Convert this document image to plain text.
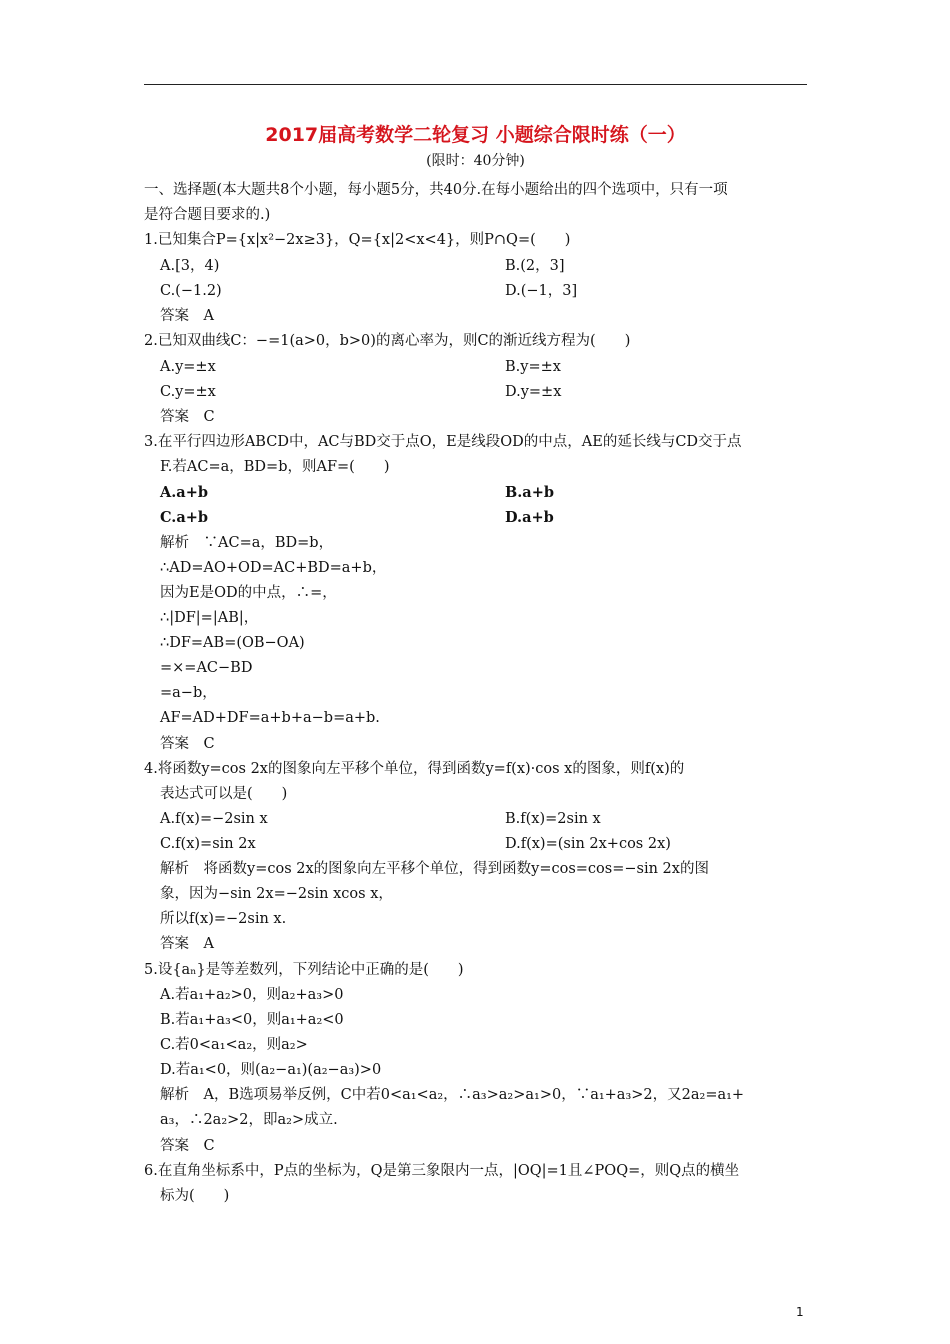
2017届高考数学二轮复习 小题综合限时练（一）
(限时：40分钟)
一、选择题(本大题共8个小题，每小题5分，共40分.在每小题给出的四个选项中，只有一项
是符合题目要求的.)
1.已知集合P={x|x²−2x≥3}，Q={x|2<x<4}，则P∩Q=(　　)
A.[3，4)	B.(2，3]
C.(−1.2)	D.(−1，3]
答案　A
2.已知双曲线C：−=1(a>0，b>0)的离心率为，则C的渐近线方程为(　　)
A.y=±x	B.y=±x
C.y=±x	D.y=±x
答案　C
3.在平行四边形ABCD中，AC与BD交于点O，E是线段OD的中点，AE的延长线与CD交于点
F.若AC=a，BD=b，则AF=(　　)
A.a+b	B.a+b
C.a+b	D.a+b
解析　∵AC=a，BD=b，
∴AD=AO+OD=AC+BD=a+b，
因为E是OD的中点，∴=，
∴|DF|=|AB|，
∴DF=AB=(OB−OA)
=×=AC−BD
=a−b，
AF=AD+DF=a+b+a−b=a+b.
答案　C
4.将函数y=cos 2x的图象向左平移个单位，得到函数y=f(x)·cos x的图象，则f(x)的
表达式可以是(　　)
A.f(x)=−2sin x	B.f(x)=2sin x
C.f(x)=sin 2x	D.f(x)=(sin 2x+cos 2x)
解析　将函数y=cos 2x的图象向左平移个单位，得到函数y=cos=cos=−sin 2x的图
象，因为−sin 2x=−2sin xcos x，
所以f(x)=−2sin x.
答案　A
5.设{aₙ}是等差数列，下列结论中正确的是(　　)
A.若a₁+a₂>0，则a₂+a₃>0
B.若a₁+a₃<0，则a₁+a₂<0
C.若0<a₁<a₂，则a₂>
D.若a₁<0，则(a₂−a₁)(a₂−a₃)>0
解析　A，B选项易举反例，C中若0<a₁<a₂，∴a₃>a₂>a₁>0，∵a₁+a₃>2，又2a₂=a₁+
a₃，∴2a₂>2，即a₂>成立.
答案　C
6.在直角坐标系中，P点的坐标为，Q是第三象限内一点，|OQ|=1且∠POQ=，则Q点的横坐
标为(　　)
1
